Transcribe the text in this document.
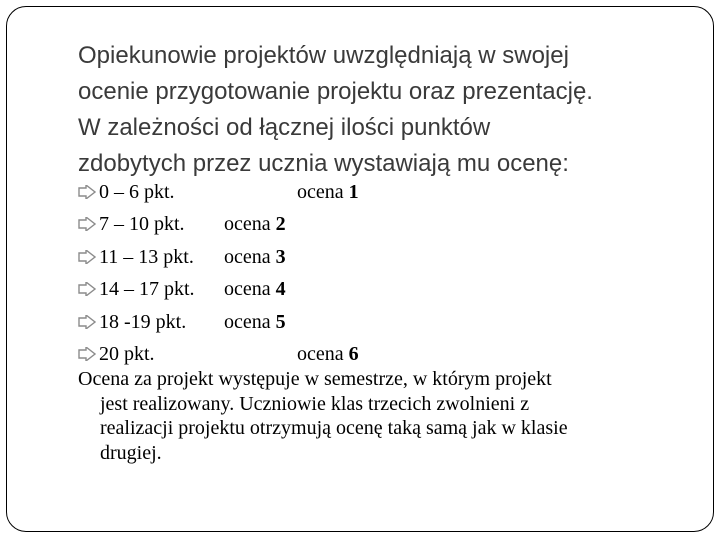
Opiekunowie projektów uwzględniają w swojej
ocenie przygotowanie projektu oraz prezentację.
W zależności od łącznej ilości punktów
zdobytych przez ucznia wystawiają mu ocenę:
0 – 6 pkt.	ocena 1
7 – 10 pkt. ocena 2
11 – 13 pkt. ocena 3
14 – 17 pkt. ocena 4
18 -19 pkt. ocena 5
20 pkt.	ocena 6
Ocena za projekt występuje w semestrze, w którym projekt
jest realizowany. Uczniowie klas trzecich zwolnieni z
realizacji projektu otrzymują ocenę taką samą jak w klasie
drugiej.
